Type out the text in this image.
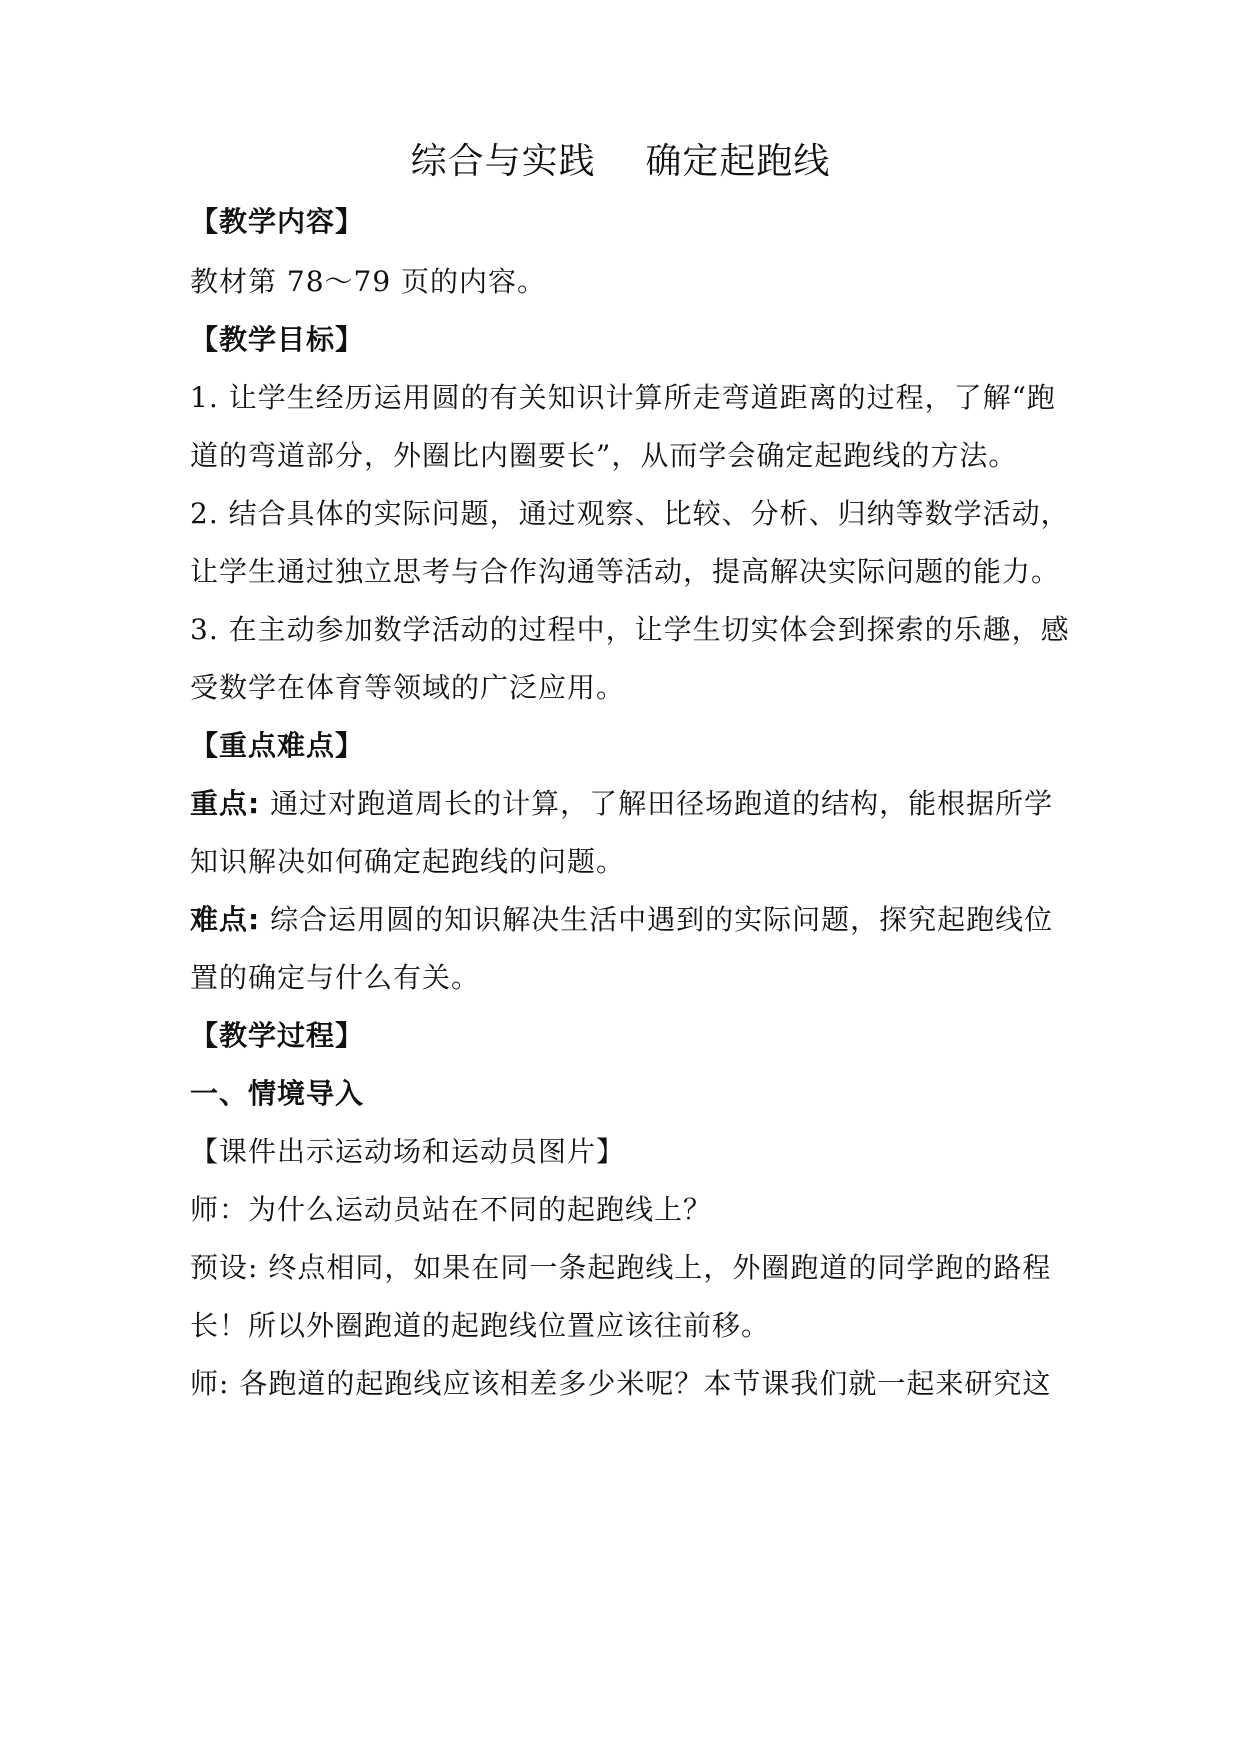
综合与实践    确定起跑线
【教学内容】
教材第 78～79 页的内容。
【教学目标】
1. 让学生经历运用圆的有关知识计算所走弯道距离的过程，了解“跑
道的弯道部分，外圈比内圈要长”，从而学会确定起跑线的方法。
2. 结合具体的实际问题，通过观察、比较、分析、归纳等数学活动，
让学生通过独立思考与合作沟通等活动，提高解决实际问题的能力。
3. 在主动参加数学活动的过程中，让学生切实体会到探索的乐趣，感
受数学在体育等领域的广泛应用。
【重点难点】
重点: 通过对跑道周长的计算，了解田径场跑道的结构，能根据所学
知识解决如何确定起跑线的问题。
难点: 综合运用圆的知识解决生活中遇到的实际问题，探究起跑线位
置的确定与什么有关。
【教学过程】
一、情境导入
【课件出示运动场和运动员图片】
师：为什么运动员站在不同的起跑线上？
预设: 终点相同，如果在同一条起跑线上，外圈跑道的同学跑的路程
长！所以外圈跑道的起跑线位置应该往前移。
师: 各跑道的起跑线应该相差多少米呢？本节课我们就一起来研究这
